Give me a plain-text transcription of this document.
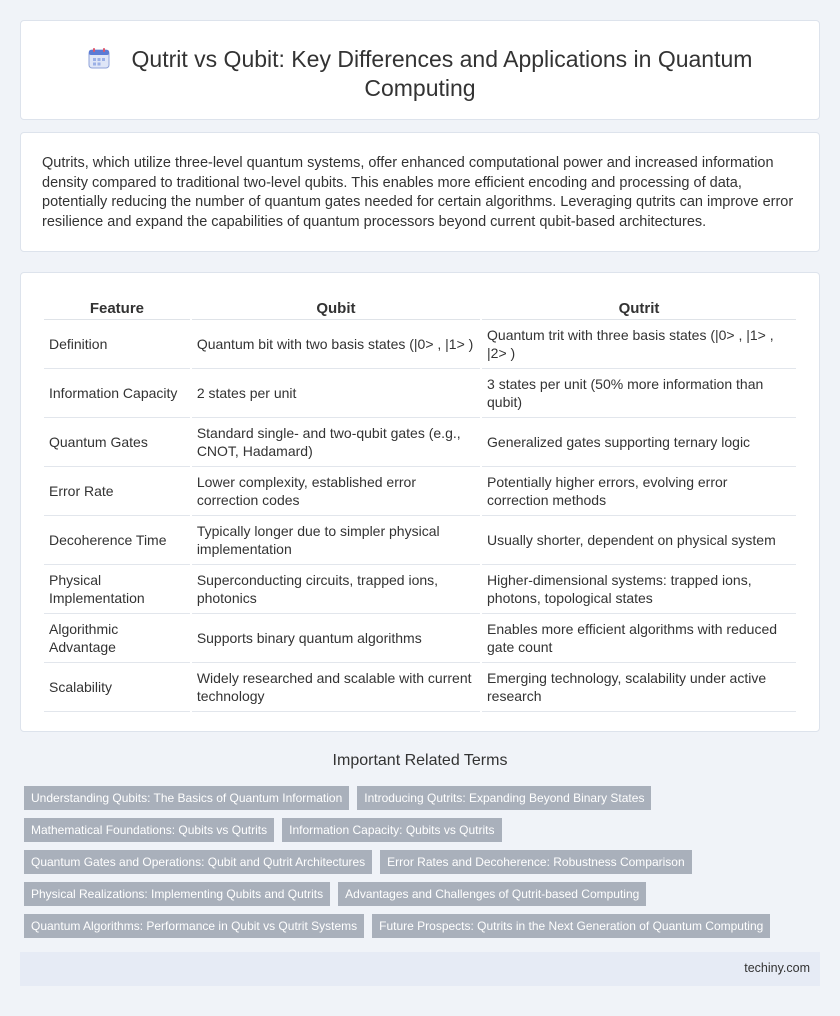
Qutrit vs Qubit: Key Differences and Applications in Quantum
Computing

Qutrits, which utilize three-level quantum systems, offer enhanced computational power and increased information density compared to traditional two-level qubits. This enables more efficient encoding and processing of data, potentially reducing the number of quantum gates needed for certain algorithms. Leveraging qutrits can improve error resilience and expand the capabilities of quantum processors beyond current qubit-based architectures.

Feature	Qubit	Qutrit
Definition	Quantum bit with two basis states (|0> , |1> )	Quantum trit with three basis states (|0> , |1> , |2> )
Information Capacity	2 states per unit	3 states per unit (50% more information than qubit)
Quantum Gates	Standard single- and two-qubit gates (e.g., CNOT, Hadamard)	Generalized gates supporting ternary logic
Error Rate	Lower complexity, established error correction codes	Potentially higher errors, evolving error correction methods
Decoherence Time	Typically longer due to simpler physical implementation	Usually shorter, dependent on physical system
Physical Implementation	Superconducting circuits, trapped ions, photonics	Higher-dimensional systems: trapped ions, photons, topological states
Algorithmic Advantage	Supports binary quantum algorithms	Enables more efficient algorithms with reduced gate count
Scalability	Widely researched and scalable with current technology	Emerging technology, scalability under active research
Important Related Terms
Understanding Qubits: The Basics of Quantum Information	Introducing Qutrits: Expanding Beyond Binary States
Mathematical Foundations: Qubits vs Qutrits	Information Capacity: Qubits vs Qutrits
Quantum Gates and Operations: Qubit and Qutrit Architectures	Error Rates and Decoherence: Robustness Comparison
Physical Realizations: Implementing Qubits and Qutrits	Advantages and Challenges of Qutrit-based Computing
Quantum Algorithms: Performance in Qubit vs Qutrit Systems	Future Prospects: Qutrits in the Next Generation of Quantum Computing
techiny.com
